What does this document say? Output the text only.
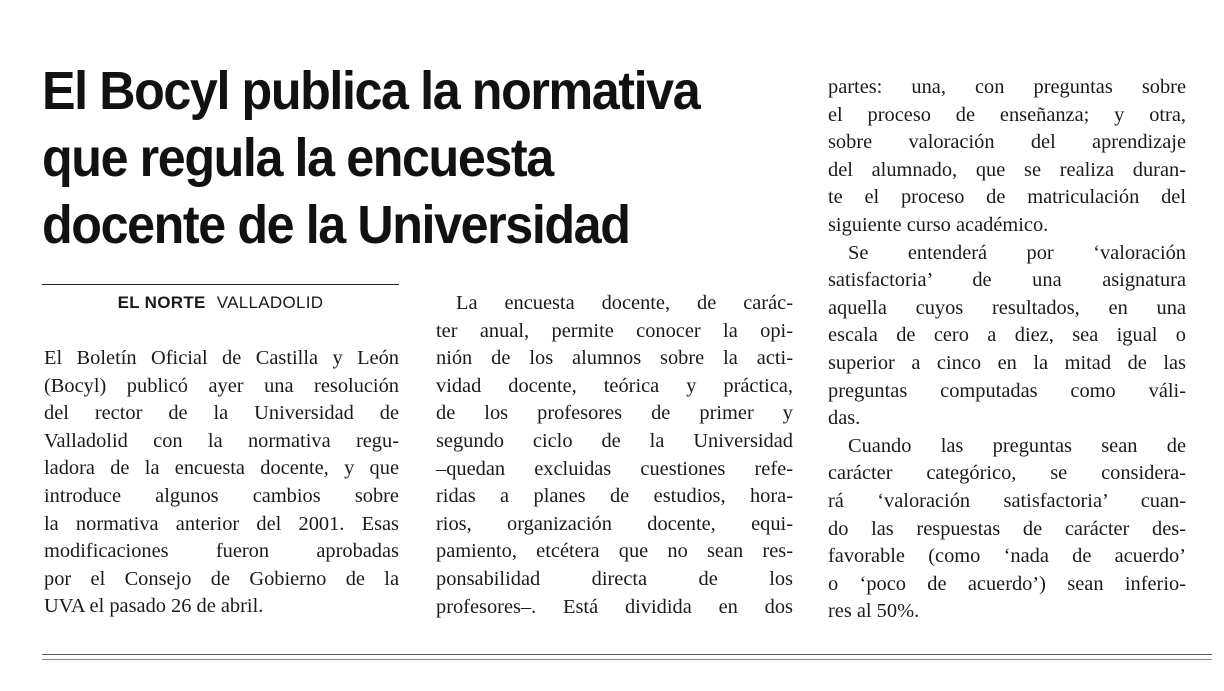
El Bocyl publica la normativa
que regula la encuesta
docente de la Universidad
EL NORTE VALLADOLID
El Boletín Oficial de Castilla y León
(Bocyl) publicó ayer una resolución
del rector de la Universidad de
Valladolid con la normativa regu-
ladora de la encuesta docente, y que
introduce algunos cambios sobre
la normativa anterior del 2001. Esas
modificaciones fueron aprobadas
por el Consejo de Gobierno de la
UVA el pasado 26 de abril.
La encuesta docente, de carác-
ter anual, permite conocer la opi-
nión de los alumnos sobre la acti-
vidad docente, teórica y práctica,
de los profesores de primer y
segundo ciclo de la Universidad
–quedan excluidas cuestiones refe-
ridas a planes de estudios, hora-
rios, organización docente, equi-
pamiento, etcétera que no sean res-
ponsabilidad directa de los
profesores–. Está dividida en dos
partes: una, con preguntas sobre
el proceso de enseñanza; y otra,
sobre valoración del aprendizaje
del alumnado, que se realiza duran-
te el proceso de matriculación del
siguiente curso académico.
Se entenderá por ‘valoración
satisfactoria’ de una asignatura
aquella cuyos resultados, en una
escala de cero a diez, sea igual o
superior a cinco en la mitad de las
preguntas computadas como váli-
das.
Cuando las preguntas sean de
carácter categórico, se considera-
rá ‘valoración satisfactoria’ cuan-
do las respuestas de carácter des-
favorable (como ‘nada de acuerdo’
o ‘poco de acuerdo’) sean inferio-
res al 50%.
